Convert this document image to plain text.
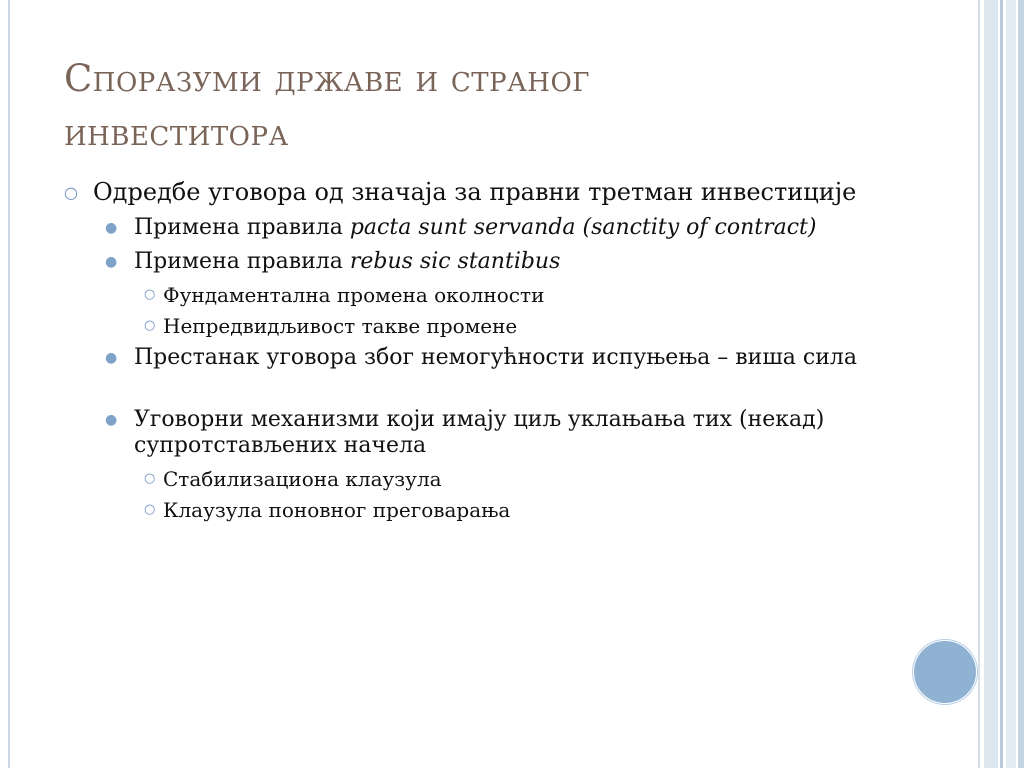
Споразуми државе и страног
инвеститора
○ Одредбе уговора од значаја за правни третман инвестиције
● Примена правила pacta sunt servanda (sanctity of contract)
● Примена правила rebus sic stantibus
○ Фундаментална промена околности
○ Непредвидљивост такве промене
● Престанак уговора због немогућности испуњења – виша сила
● Уговорни механизми који имају циљ уклањања тих (некад) супротстављених начела
○ Стабилизациона клаузула
○ Клаузула поновног преговарања
